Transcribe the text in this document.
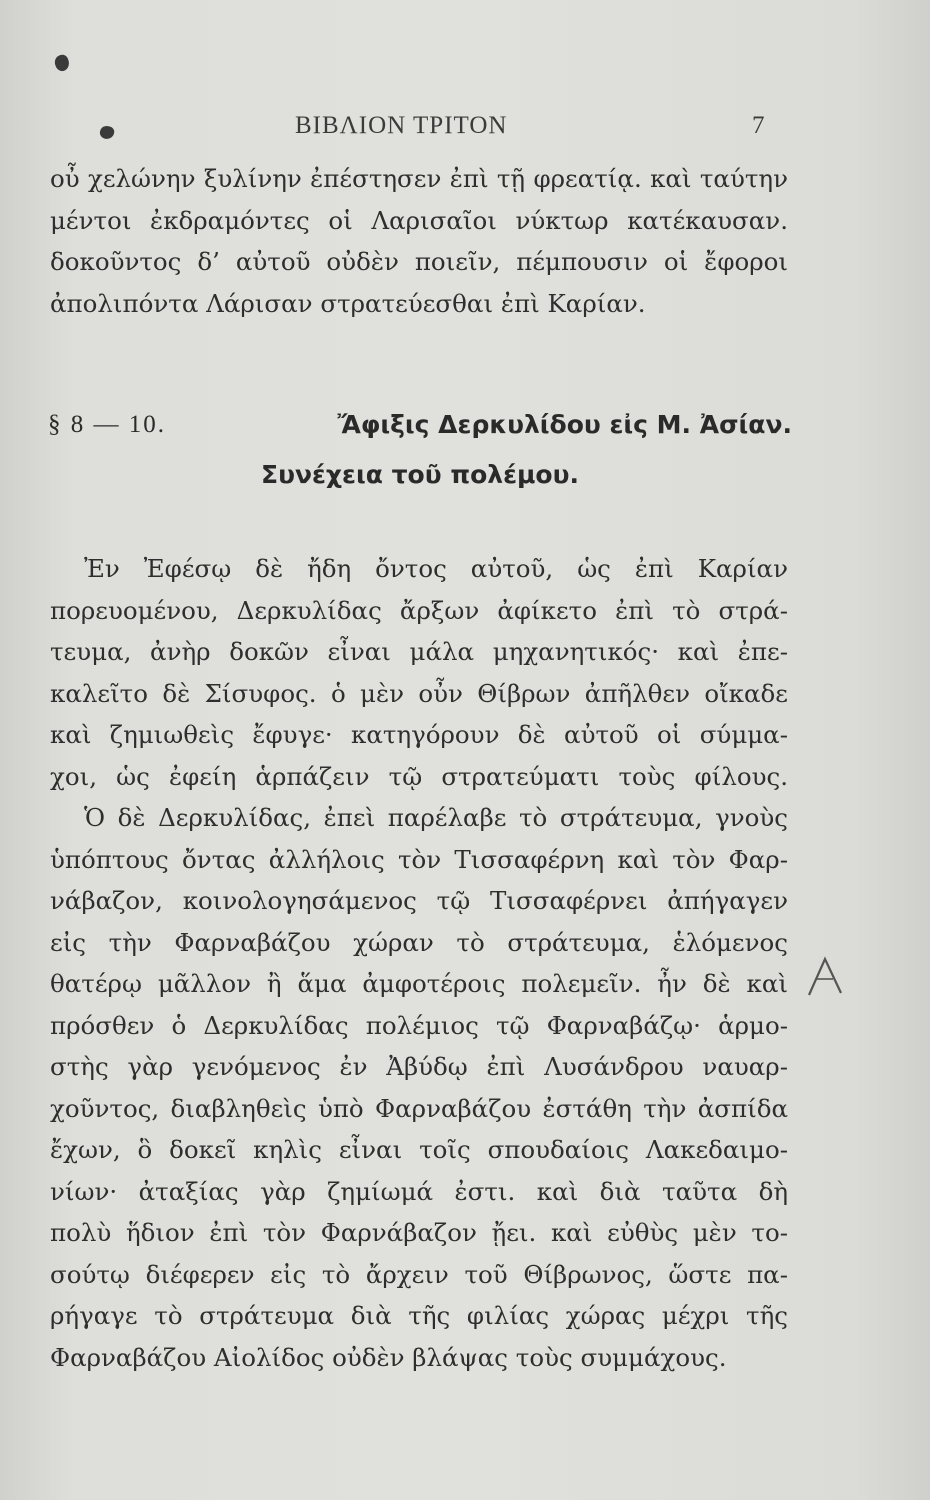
ΒΙΒΛΙΟΝ ΤΡΙΤΟΝ	7
οὖ χελώνην ξυλίνην ἐπέστησεν ἐπὶ τῇ φρεατίᾳ. καὶ ταύτην
μέντοι ἐκδραμόντες οἱ Λαρισαῖοι νύκτωρ κατέκαυσαν.
δοκοῦντος δ’ αὐτοῦ οὐδὲν ποιεῖν, πέμπουσιν οἱ ἔφοροι
ἀπολιπόντα Λάρισαν στρατεύεσθαι ἐπὶ Καρίαν.
§ 8 — 10.	Ἄφιξις Δερκυλίδου εἰς Μ. Ἀσίαν.
Συνέχεια τοῦ πολέμου.
Ἐν Ἐφέσῳ δὲ ἤδη ὄντος αὐτοῦ, ὡς ἐπὶ Καρίαν
πορευομένου, Δερκυλίδας ἄρξων ἀφίκετο ἐπὶ τὸ στρά-
τευμα, ἀνὴρ δοκῶν εἶναι μάλα μηχανητικός· καὶ ἐπε-
καλεῖτο δὲ Σίσυφος. ὁ μὲν οὖν Θίβρων ἀπῆλθεν οἴκαδε
καὶ ζημιωθεὶς ἔφυγε· κατηγόρουν δὲ αὐτοῦ οἱ σύμμα-
χοι, ὡς ἐφείη ἁρπάζειν τῷ στρατεύματι τοὺς φίλους.
Ὁ δὲ Δερκυλίδας, ἐπεὶ παρέλαβε τὸ στράτευμα, γνοὺς
ὑπόπτους ὄντας ἀλλήλοις τὸν Τισσαφέρνη καὶ τὸν Φαρ-
νάβαζον, κοινολογησάμενος τῷ Τισσαφέρνει ἀπήγαγεν
εἰς τὴν Φαρναβάζου χώραν τὸ στράτευμα, ἑλόμενος
θατέρῳ μᾶλλον ἢ ἅμα ἀμφοτέροις πολεμεῖν. ἦν δὲ καὶ
πρόσθεν ὁ Δερκυλίδας πολέμιος τῷ Φαρναβάζῳ· ἁρμο-
στὴς γὰρ γενόμενος ἐν Ἀβύδῳ ἐπὶ Λυσάνδρου ναυαρ-
χοῦντος, διαβληθεὶς ὑπὸ Φαρναβάζου ἐστάθη τὴν ἀσπίδα
ἔχων, ὃ δοκεῖ κηλὶς εἶναι τοῖς σπουδαίοις Λακεδαιμο-
νίων· ἀταξίας γὰρ ζημίωμά ἐστι. καὶ διὰ ταῦτα δὴ
πολὺ ἥδιον ἐπὶ τὸν Φαρνάβαζον ᾔει. καὶ εὐθὺς μὲν το-
σούτῳ διέφερεν εἰς τὸ ἄρχειν τοῦ Θίβρωνος, ὥστε πα-
ρήγαγε τὸ στράτευμα διὰ τῆς φιλίας χώρας μέχρι τῆς
Φαρναβάζου Αἰολίδος οὐδὲν βλάψας τοὺς συμμάχους.
